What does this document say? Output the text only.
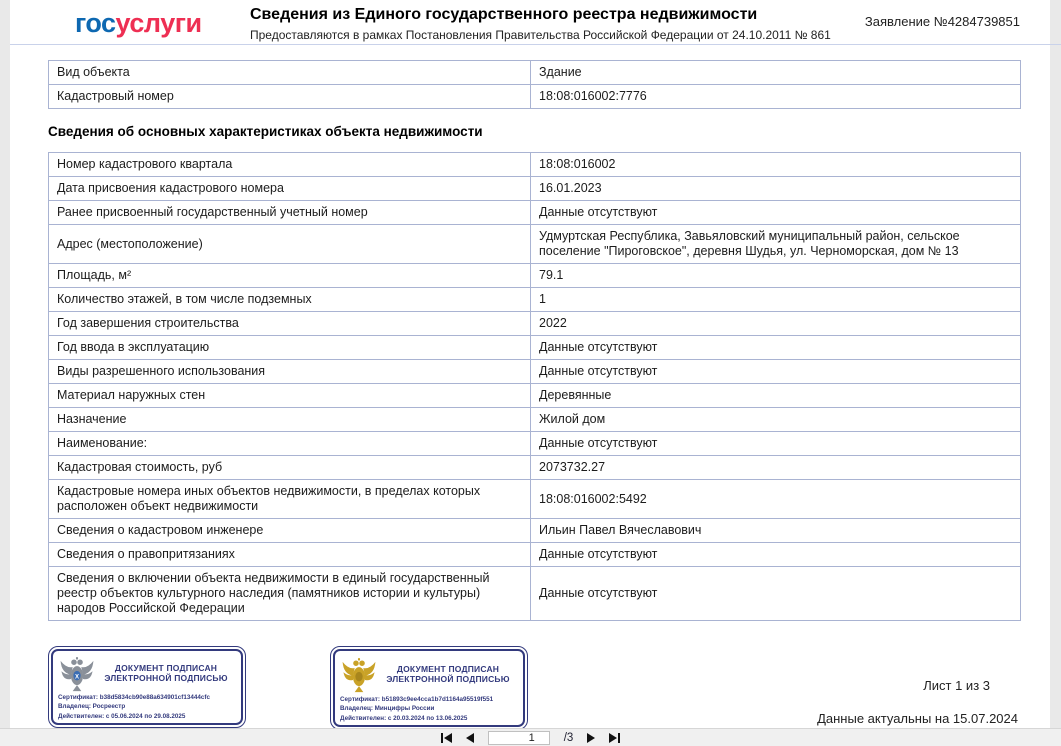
госуслуги	Сведения из Единого государственного реестра недвижимости
Предоставляются в рамках Постановления Правительства Российской Федерации от 24.10.2011 № 861
Заявление №4284739851
Вид объекта	Здание
Кадастровый номер	18:08:016002:7776
Сведения об основных характеристиках объекта недвижимости
Номер кадастрового квартала	18:08:016002
Дата присвоения кадастрового номера	16.01.2023
Ранее присвоенный государственный учетный номер	Данные отсутствуют
Адрес (местоположение)	Удмуртская Республика, Завьяловский муниципальный район, сельское поселение "Пироговское", деревня Шудья, ул. Черноморская, дом № 13
Площадь, м²	79.1
Количество этажей, в том числе подземных	1
Год завершения строительства	2022
Год ввода в эксплуатацию	Данные отсутствуют
Виды разрешенного использования	Данные отсутствуют
Материал наружных стен	Деревянные
Назначение	Жилой дом
Наименование:	Данные отсутствуют
Кадастровая стоимость, руб	2073732.27
Кадастровые номера иных объектов недвижимости, в пределах которых расположен объект недвижимости	18:08:016002:5492
Сведения о кадастровом инженере	Ильин Павел Вячеславович
Сведения о правопритязаниях	Данные отсутствуют
Сведения о включении объекта недвижимости в единый государственный реестр объектов культурного наследия (памятников истории и культуры) народов Российской Федерации	Данные отсутствуют
X
ДОКУМЕНТ ПОДПИСАН ЭЛЕКТРОННОЙ ПОДПИСЬЮ
Сертификат: b38d5834cb90e88a634901cf13444cfc
Владелец: Росреестр
Действителен: с 05.06.2024 по 29.08.2025
ДОКУМЕНТ ПОДПИСАН ЭЛЕКТРОННОЙ ПОДПИСЬЮ
Сертификат: b51893c9ee4cca1b7d1164a95519f551
Владелец: Минцифры России
Действителен: с 20.03.2024 по 13.06.2025
Лист 1 из 3
Данные актуальны на 15.07.2024
1
/3
